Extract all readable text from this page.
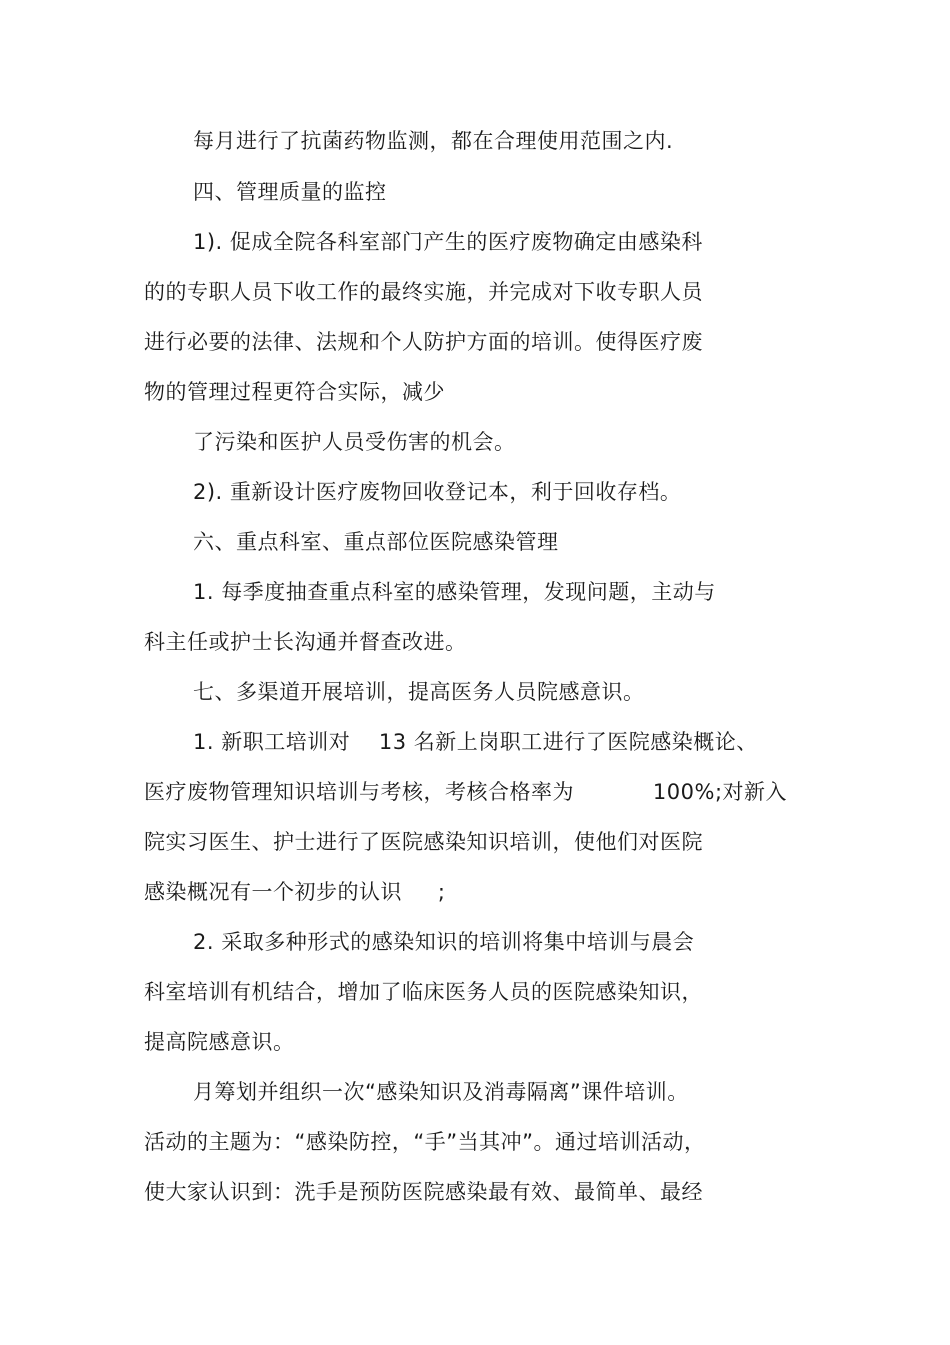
每月进行了抗菌药物监测，都在合理使用范围之内.
四、管理质量的监控
1). 促成全院各科室部门产生的医疗废物确定由感染科
的的专职人员下收工作的最终实施，并完成对下收专职人员
进行必要的法律、法规和个人防护方面的培训。使得医疗废
物的管理过程更符合实际，减少
了污染和医护人员受伤害的机会。
2). 重新设计医疗废物回收登记本，利于回收存档。
六、重点科室、重点部位医院感染管理
1. 每季度抽查重点科室的感染管理，发现问题，主动与
科主任或护士长沟通并督查改进。
七、多渠道开展培训，提高医务人员院感意识。
1. 新职工培训对    13 名新上岗职工进行了医院感染概论、
医疗废物管理知识培训与考核，考核合格率为           100%;对新入
院实习医生、护士进行了医院感染知识培训，使他们对医院
感染概况有一个初步的认识     ;
2. 采取多种形式的感染知识的培训将集中培训与晨会
科室培训有机结合，增加了临床医务人员的医院感染知识，
提高院感意识。
月筹划并组织一次“感染知识及消毒隔离”课件培训。
活动的主题为：“感染防控，“手”当其冲”。通过培训活动，
使大家认识到：洗手是预防医院感染最有效、最简单、最经
